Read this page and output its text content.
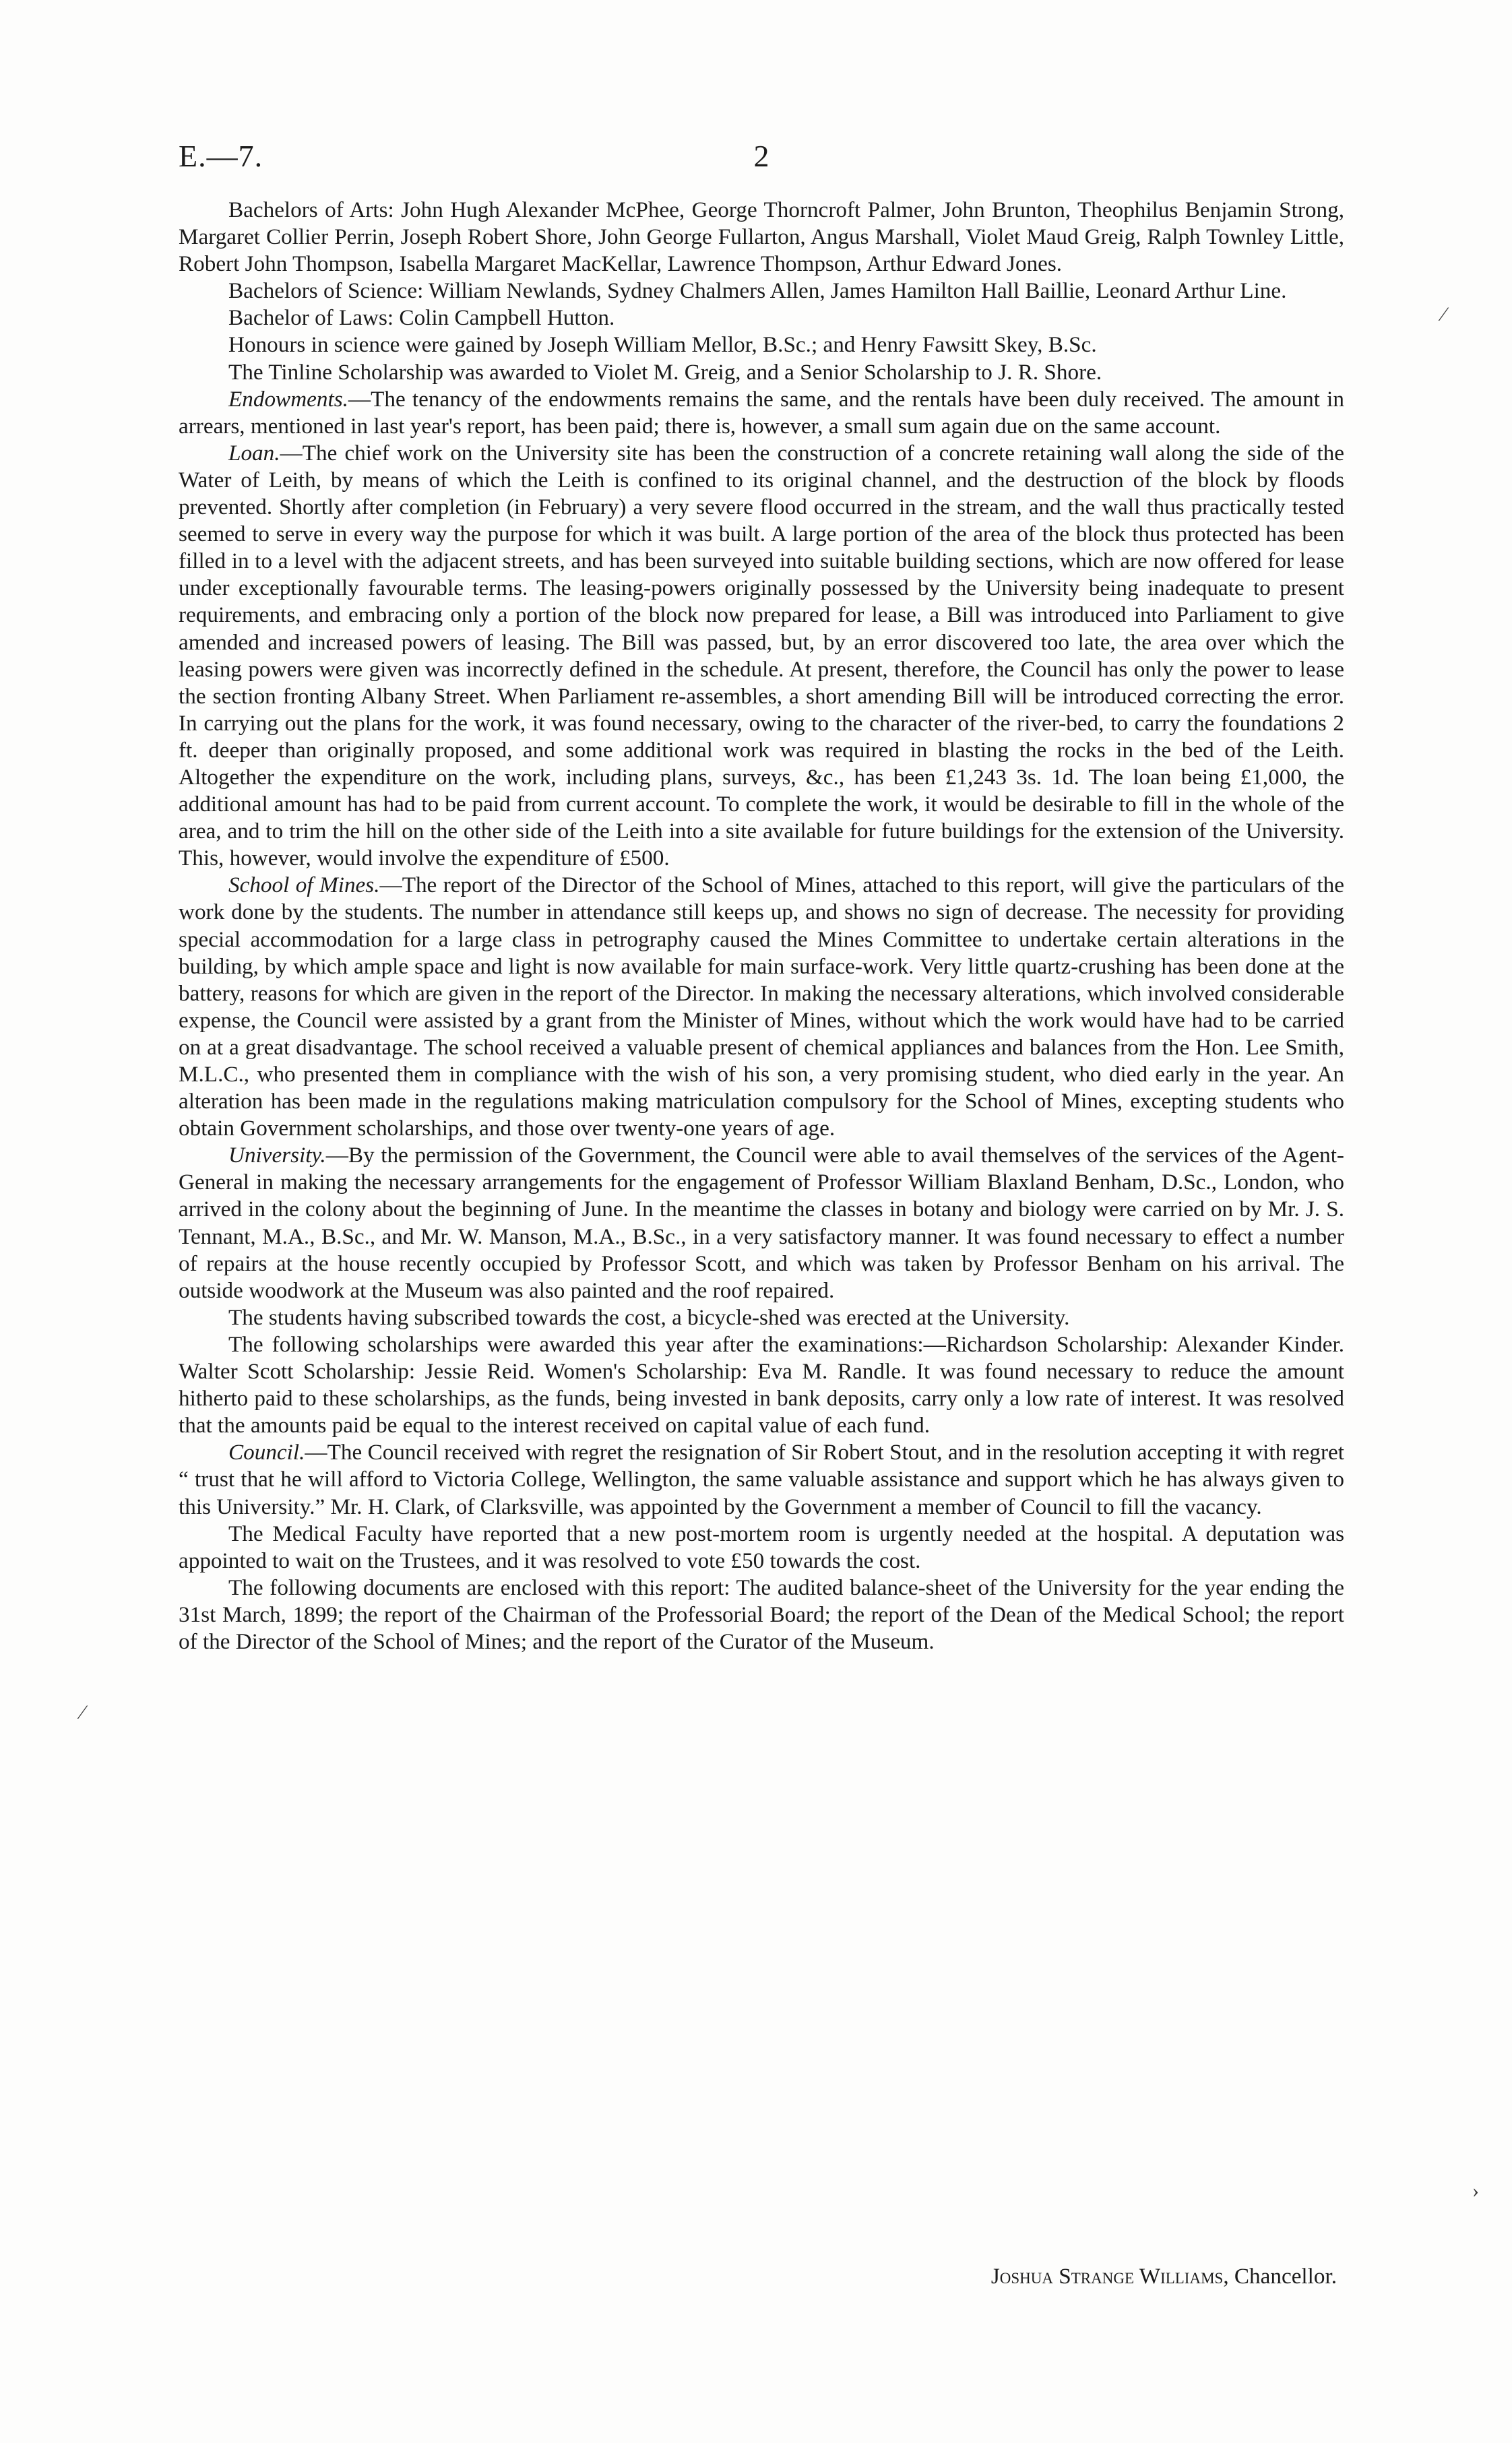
E.—7.	2

Bachelors of Arts: John Hugh Alexander McPhee, George Thorncroft Palmer, John Brunton, Theophilus Benjamin Strong, Margaret Collier Perrin, Joseph Robert Shore, John George Fullarton, Angus Marshall, Violet Maud Greig, Ralph Townley Little, Robert John Thompson, Isabella Margaret MacKellar, Lawrence Thompson, Arthur Edward Jones.

Bachelors of Science: William Newlands, Sydney Chalmers Allen, James Hamilton Hall Baillie, Leonard Arthur Line.

Bachelor of Laws: Colin Campbell Hutton.

Honours in science were gained by Joseph William Mellor, B.Sc.; and Henry Fawsitt Skey, B.Sc.

The Tinline Scholarship was awarded to Violet M. Greig, and a Senior Scholarship to J. R. Shore.

Endowments.—The tenancy of the endowments remains the same, and the rentals have been duly received. The amount in arrears, mentioned in last year's report, has been paid; there is, however, a small sum again due on the same account.

Loan.—The chief work on the University site has been the construction of a concrete retaining wall along the side of the Water of Leith, by means of which the Leith is confined to its original channel, and the destruction of the block by floods prevented. Shortly after completion (in February) a very severe flood occurred in the stream, and the wall thus practically tested seemed to serve in every way the purpose for which it was built. A large portion of the area of the block thus protected has been filled in to a level with the adjacent streets, and has been surveyed into suitable building sections, which are now offered for lease under exceptionally favourable terms. The leasing-powers originally possessed by the University being inadequate to present requirements, and embracing only a portion of the block now prepared for lease, a Bill was introduced into Parliament to give amended and increased powers of leasing. The Bill was passed, but, by an error discovered too late, the area over which the leasing powers were given was incorrectly defined in the schedule. At present, therefore, the Council has only the power to lease the section fronting Albany Street. When Parliament re-assembles, a short amending Bill will be introduced correcting the error. In carrying out the plans for the work, it was found necessary, owing to the character of the river-bed, to carry the foundations 2 ft. deeper than originally proposed, and some additional work was required in blasting the rocks in the bed of the Leith. Altogether the expenditure on the work, including plans, surveys, &c., has been £1,243 3s. 1d. The loan being £1,000, the additional amount has had to be paid from current account. To complete the work, it would be desirable to fill in the whole of the area, and to trim the hill on the other side of the Leith into a site available for future buildings for the extension of the University. This, however, would involve the expenditure of £500.

School of Mines.—The report of the Director of the School of Mines, attached to this report, will give the particulars of the work done by the students. The number in attendance still keeps up, and shows no sign of decrease. The necessity for providing special accommodation for a large class in petrography caused the Mines Committee to undertake certain alterations in the building, by which ample space and light is now available for main surface-work. Very little quartz-crushing has been done at the battery, reasons for which are given in the report of the Director. In making the necessary alterations, which involved considerable expense, the Council were assisted by a grant from the Minister of Mines, without which the work would have had to be carried on at a great disadvantage. The school received a valuable present of chemical appliances and balances from the Hon. Lee Smith, M.L.C., who presented them in compliance with the wish of his son, a very promising student, who died early in the year. An alteration has been made in the regulations making matriculation compulsory for the School of Mines, excepting students who obtain Government scholarships, and those over twenty-one years of age.

University.—By the permission of the Government, the Council were able to avail themselves of the services of the Agent-General in making the necessary arrangements for the engagement of Professor William Blaxland Benham, D.Sc., London, who arrived in the colony about the beginning of June. In the meantime the classes in botany and biology were carried on by Mr. J. S. Tennant, M.A., B.Sc., and Mr. W. Manson, M.A., B.Sc., in a very satisfactory manner. It was found necessary to effect a number of repairs at the house recently occupied by Professor Scott, and which was taken by Professor Benham on his arrival. The outside woodwork at the Museum was also painted and the roof repaired.

The students having subscribed towards the cost, a bicycle-shed was erected at the University.

The following scholarships were awarded this year after the examinations:—Richardson Scholarship: Alexander Kinder. Walter Scott Scholarship: Jessie Reid. Women's Scholarship: Eva M. Randle. It was found necessary to reduce the amount hitherto paid to these scholarships, as the funds, being invested in bank deposits, carry only a low rate of interest. It was resolved that the amounts paid be equal to the interest received on capital value of each fund.

Council.—The Council received with regret the resignation of Sir Robert Stout, and in the resolution accepting it with regret “ trust that he will afford to Victoria College, Wellington, the same valuable assistance and support which he has always given to this University.” Mr. H. Clark, of Clarksville, was appointed by the Government a member of Council to fill the vacancy.

The Medical Faculty have reported that a new post-mortem room is urgently needed at the hospital. A deputation was appointed to wait on the Trustees, and it was resolved to vote £50 towards the cost.

The following documents are enclosed with this report: The audited balance-sheet of the University for the year ending the 31st March, 1899; the report of the Chairman of the Professorial Board; the report of the Dean of the Medical School; the report of the Director of the School of Mines; and the report of the Curator of the Museum.

Joshua Strange Williams, Chancellor.
​⁄
⁄
›
